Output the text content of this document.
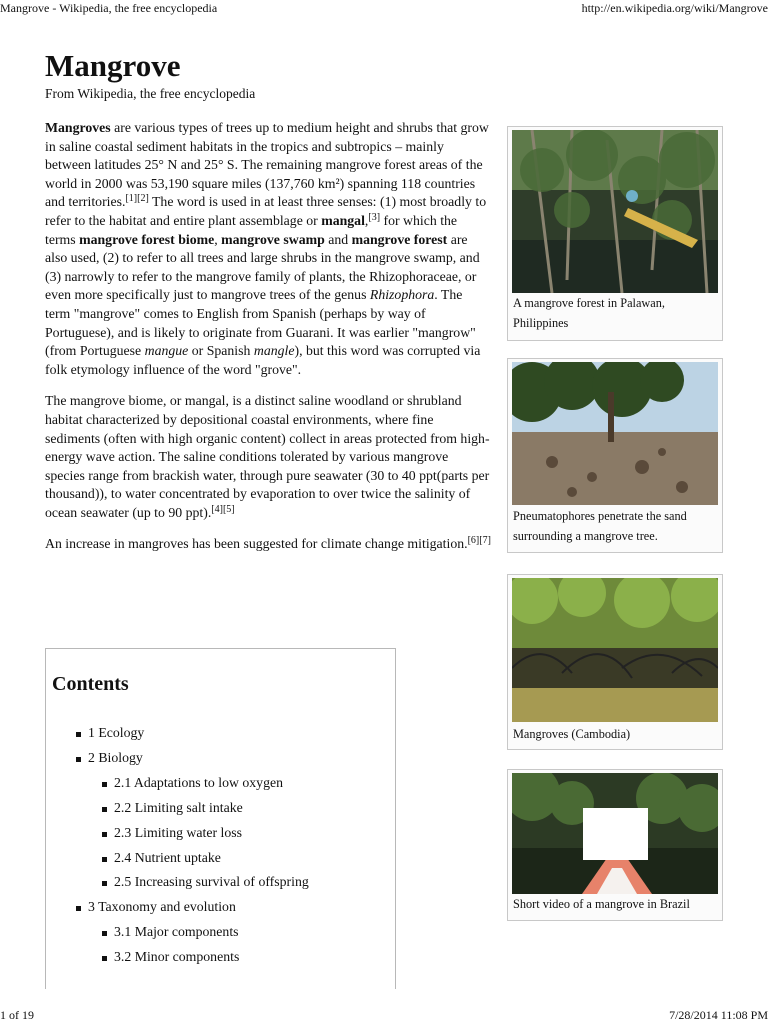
Mangrove - Wikipedia, the free encyclopedia	http://en.wikipedia.org/wiki/Mangrove
Mangrove
From Wikipedia, the free encyclopedia

Mangroves are various types of trees up to medium height and shrubs that grow in saline coastal sediment habitats in the tropics and subtropics – mainly between latitudes 25° N and 25° S. The remaining mangrove forest areas of the world in 2000 was 53,190 square miles (137,760 km²) spanning 118 countries and territories.[1][2] The word is used in at least three senses: (1) most broadly to refer to the habitat and entire plant assemblage or mangal,[3] for which the terms mangrove forest biome, mangrove swamp and mangrove forest are also used, (2) to refer to all trees and large shrubs in the mangrove swamp, and (3) narrowly to refer to the mangrove family of plants, the Rhizophoraceae, or even more specifically just to mangrove trees of the genus Rhizophora. The term "mangrove" comes to English from Spanish (perhaps by way of Portuguese), and is likely to originate from Guarani. It was earlier "mangrow" (from Portuguese mangue or Spanish mangle), but this word was corrupted via folk etymology influence of the word "grove".

The mangrove biome, or mangal, is a distinct saline woodland or shrubland habitat characterized by depositional coastal environments, where fine sediments (often with high organic content) collect in areas protected from high-energy wave action. The saline conditions tolerated by various mangrove species range from brackish water, through pure seawater (30 to 40 ppt(parts per thousand)), to water concentrated by evaporation to over twice the salinity of ocean seawater (up to 90 ppt).[4][5]

An increase in mangroves has been suggested for climate change mitigation.[6][7]

Contents
1 Ecology
2 Biology
2.1 Adaptations to low oxygen
2.2 Limiting salt intake
2.3 Limiting water loss
2.4 Nutrient uptake
2.5 Increasing survival of offspring
3 Taxonomy and evolution
3.1 Major components
3.2 Minor components
A mangrove forest in Palawan, Philippines
Pneumatophores penetrate the sand surrounding a mangrove tree.
Mangroves (Cambodia)
Short video of a mangrove in Brazil
1 of 19	7/28/2014 11:08 PM
